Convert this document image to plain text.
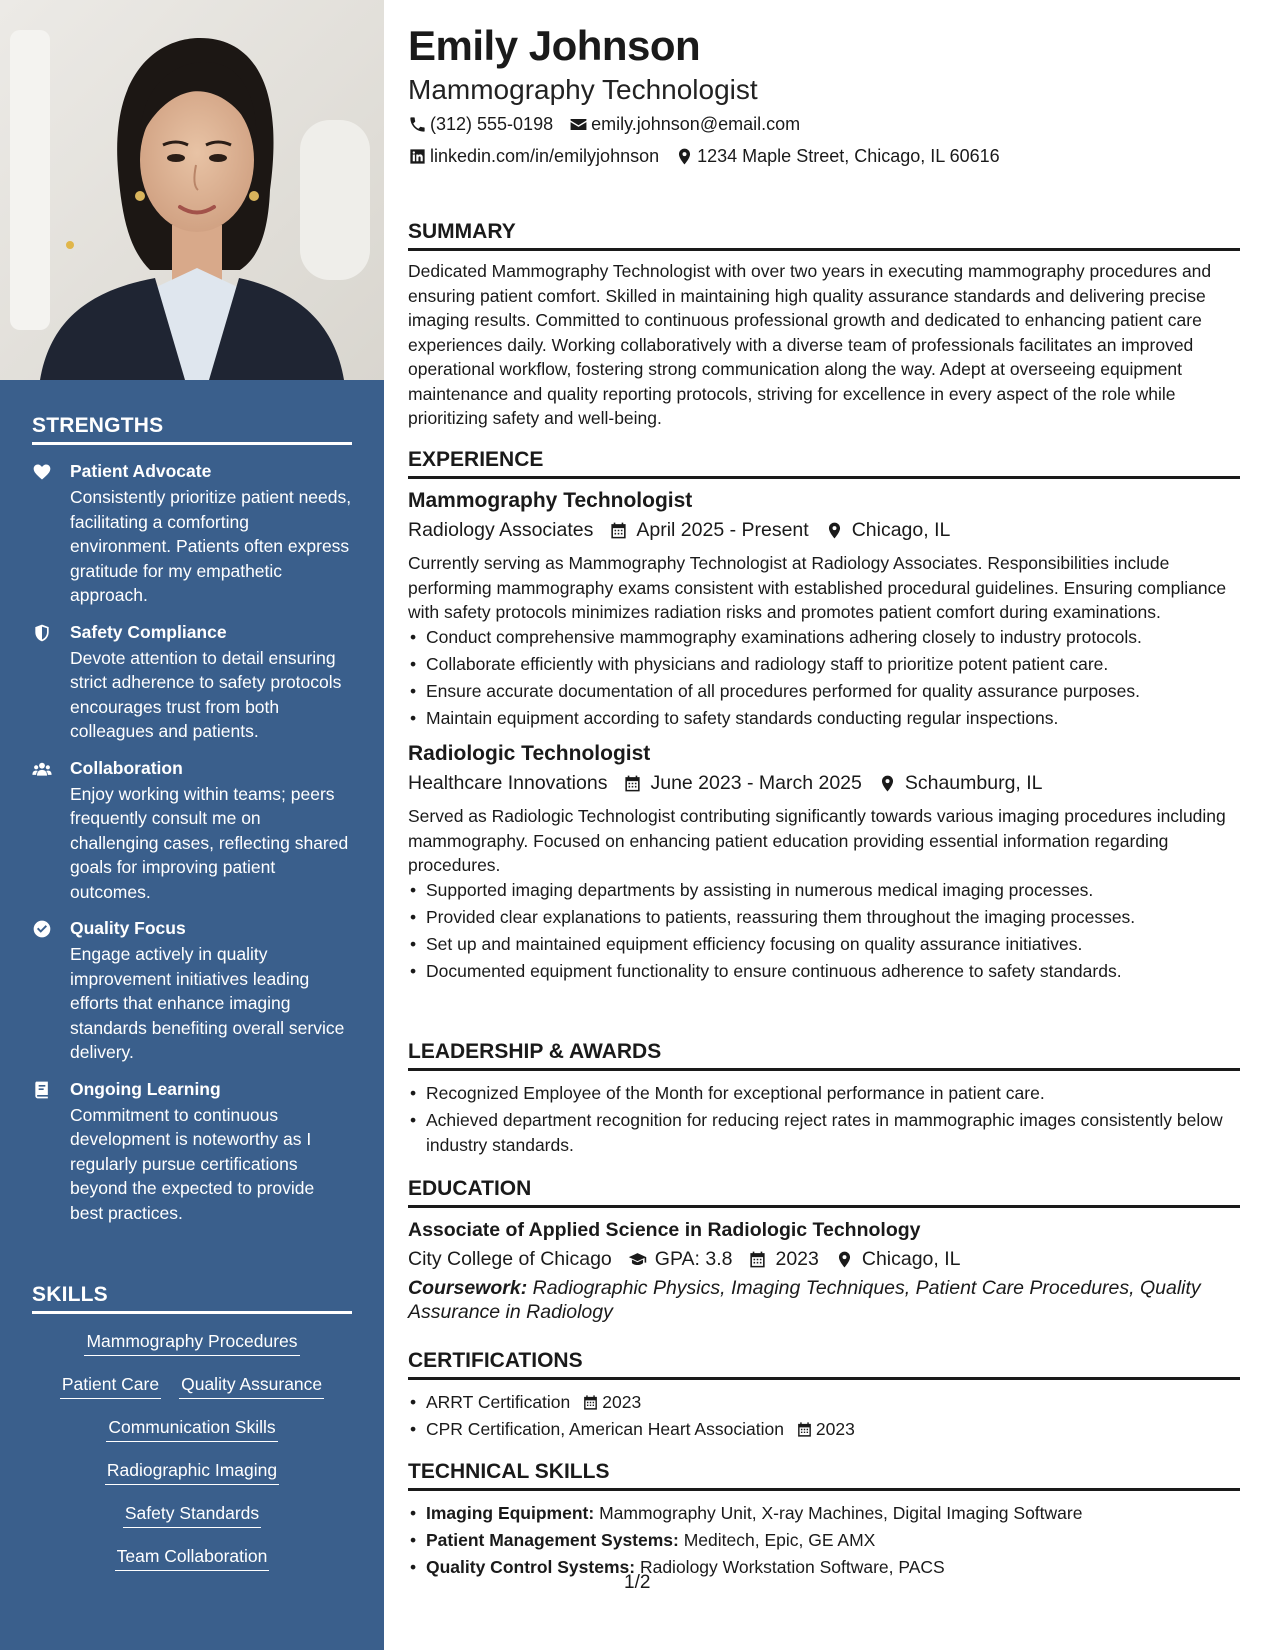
STRENGTHS
Patient Advocate
Consistently prioritize patient needs, facilitating a comforting environment. Patients often express gratitude for my empathetic approach.
Safety Compliance
Devote attention to detail ensuring strict adherence to safety protocols encourages trust from both colleagues and patients.
Collaboration
Enjoy working within teams; peers frequently consult me on challenging cases, reflecting shared goals for improving patient outcomes.
Quality Focus
Engage actively in quality improvement initiatives leading efforts that enhance imaging standards benefiting overall service delivery.
Ongoing Learning
Commitment to continuous development is noteworthy as I regularly pursue certifications beyond the expected to provide best practices.
SKILLS
Mammography Procedures
Patient Care Quality Assurance
Communication Skills
Radiographic Imaging
Safety Standards
Team Collaboration
Emily Johnson
Mammography Technologist
(312) 555-0198 emily.johnson@email.com
linkedin.com/in/emilyjohnson 1234 Maple Street, Chicago, IL 60616
SUMMARY
Dedicated Mammography Technologist with over two years in executing mammography procedures and ensuring patient comfort. Skilled in maintaining high quality assurance standards and delivering precise imaging results. Committed to continuous professional growth and dedicated to enhancing patient care experiences daily. Working collaboratively with a diverse team of professionals facilitates an improved operational workflow, fostering strong communication along the way. Adept at overseeing equipment maintenance and quality reporting protocols, striving for excellence in every aspect of the role while prioritizing safety and well-being.
EXPERIENCE
Mammography Technologist
Radiology Associates April 2025 - Present Chicago, IL
Currently serving as Mammography Technologist at Radiology Associates. Responsibilities include performing mammography exams consistent with established procedural guidelines. Ensuring compliance with safety protocols minimizes radiation risks and promotes patient comfort during examinations.
• Conduct comprehensive mammography examinations adhering closely to industry protocols.
• Collaborate efficiently with physicians and radiology staff to prioritize potent patient care.
• Ensure accurate documentation of all procedures performed for quality assurance purposes.
• Maintain equipment according to safety standards conducting regular inspections.
Radiologic Technologist
Healthcare Innovations June 2023 - March 2025 Schaumburg, IL
Served as Radiologic Technologist contributing significantly towards various imaging procedures including mammography. Focused on enhancing patient education providing essential information regarding procedures.
• Supported imaging departments by assisting in numerous medical imaging processes.
• Provided clear explanations to patients, reassuring them throughout the imaging processes.
• Set up and maintained equipment efficiency focusing on quality assurance initiatives.
• Documented equipment functionality to ensure continuous adherence to safety standards.
LEADERSHIP & AWARDS
• Recognized Employee of the Month for exceptional performance in patient care.
• Achieved department recognition for reducing reject rates in mammographic images consistently below industry standards.
EDUCATION
Associate of Applied Science in Radiologic Technology
City College of Chicago GPA: 3.8 2023 Chicago, IL
Coursework: Radiographic Physics, Imaging Techniques, Patient Care Procedures, Quality Assurance in Radiology
CERTIFICATIONS
• ARRT Certification 2023
• CPR Certification, American Heart Association 2023
TECHNICAL SKILLS
• Imaging Equipment: Mammography Unit, X-ray Machines, Digital Imaging Software
• Patient Management Systems: Meditech, Epic, GE AMX
• Quality Control Systems: Radiology Workstation Software, PACS
1/2
